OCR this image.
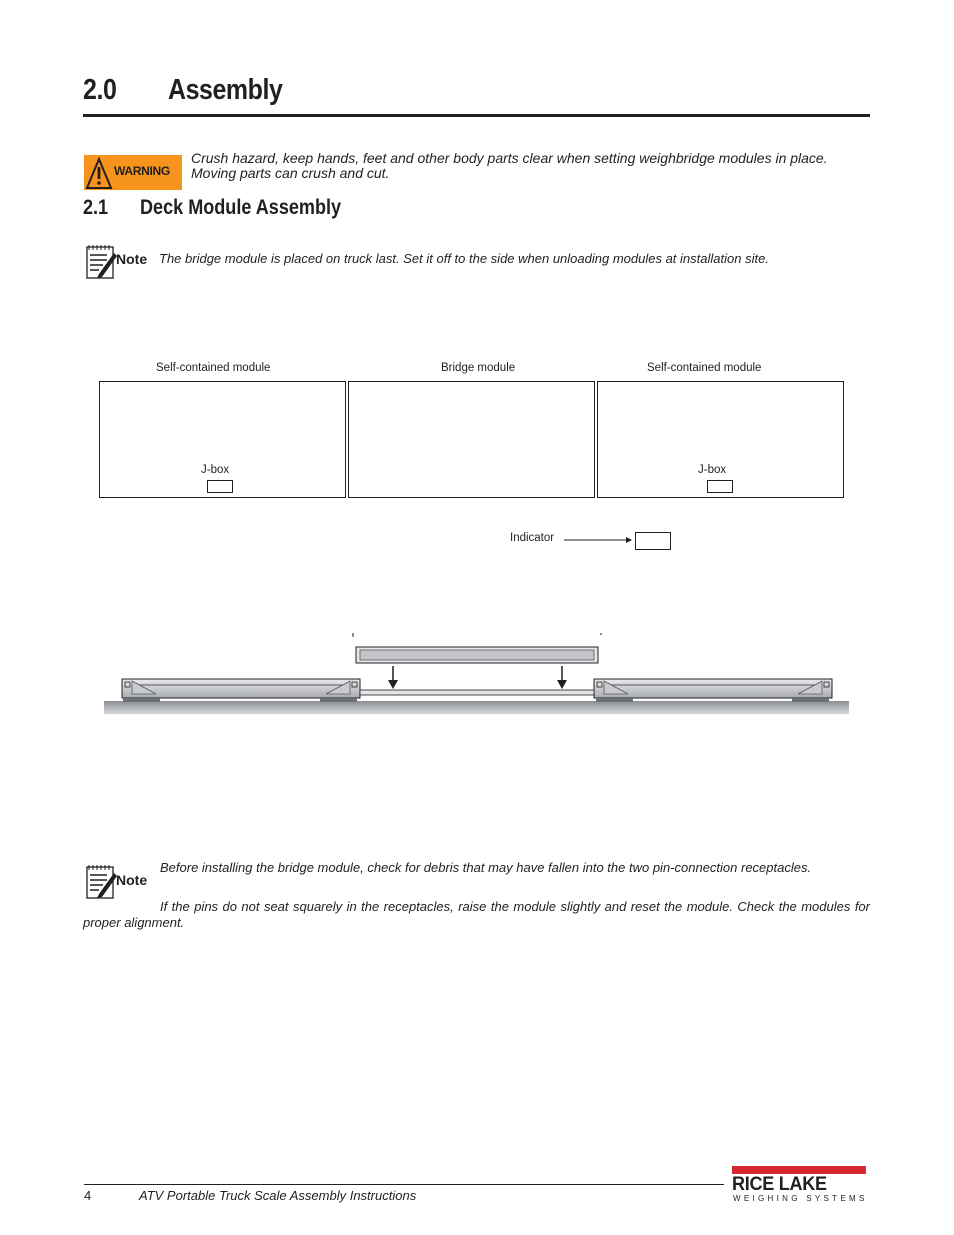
2.0 Assembly
WARNING
Crush hazard, keep hands, feet and other body parts clear when setting weighbridge modules in place. Moving parts can crush and cut.
2.1 Deck Module Assembly
Note The bridge module is placed on truck last. Set it off to the side when unloading modules at installation site.
Self-contained module	Bridge module	Self-contained module
J-box	J-box
Indicator
Note
Before installing the bridge module, check for debris that may have fallen into the two pin-connection receptacles.
If the pins do not seat squarely in the receptacles, raise the module slightly and reset the module. Check the modules for proper alignment.
4	ATV Portable Truck Scale Assembly Instructions
RICE LAKE
WEIGHING SYSTEMS
